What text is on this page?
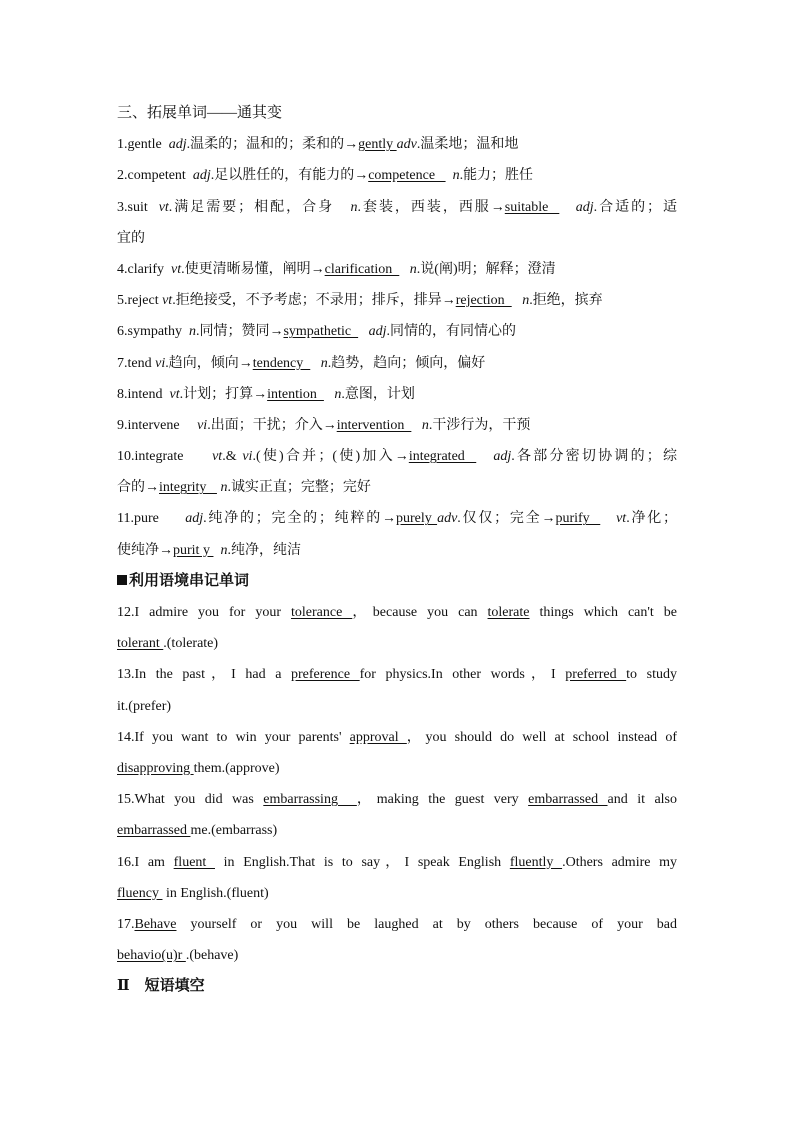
三、拓展单词——通其变
1.gentle  adj.温柔的；温和的；柔和的→gently adv.温柔地；温和地
2.competent  adj.足以胜任的，有能力的→competence     n.能力；胜任
3.suit  vt.满足需要；相配，合身   n.套装，西装，西服→suitable     adj.合适的；适
宜的
4.clarify  vt.使更清晰易懂，阐明→clarification     n.说(阐)明；解释；澄清
5.reject vt.拒绝接受，不予考虑；不录用；排斥，排异→rejection     n.拒绝，摈弃
6.sympathy  n.同情；赞同→sympathetic     adj.同情的，有同情心的
7.tend vi.趋向，倾向→tendency     n.趋势，趋向；倾向，偏好
8.intend  vt.计划；打算→intention     n.意图，计划
9.intervene     vi.出面；干扰；介入→intervention     n.干涉行为，干预
10.integrate     vt.& vi.(使)合并；(使)加入→integrated     adj.各部分密切协调的；综
合的→integrity    n.诚实正直；完整；完好
11.pure     adj.纯净的；完全的；纯粹的→purely adv.仅仅；完全→purify     vt.净化；
使纯净→purit y   n.纯净，纯洁
利用语境串记单词
12.I admire you for your tolerance ，because you can tolerate things which can't be
tolerant .(tolerate)
13.In the past，I had a preference for physics.In other words，I preferred to study
it.(prefer)
14.If you want to win your parents' approval ，you should do well at school instead of
disapproving them.(approve)
15.What you did was embarrassing  ，making the guest very embarrassed and it also
embarrassed me.(embarrass)
16.I am fluent  in English.That is to say，I speak English fluently .Others admire my
fluency  in English.(fluent)
17.Behave yourself or you will be laughed at by others because of your bad
behavio(u)r .(behave)
Ⅱ　短语填空
